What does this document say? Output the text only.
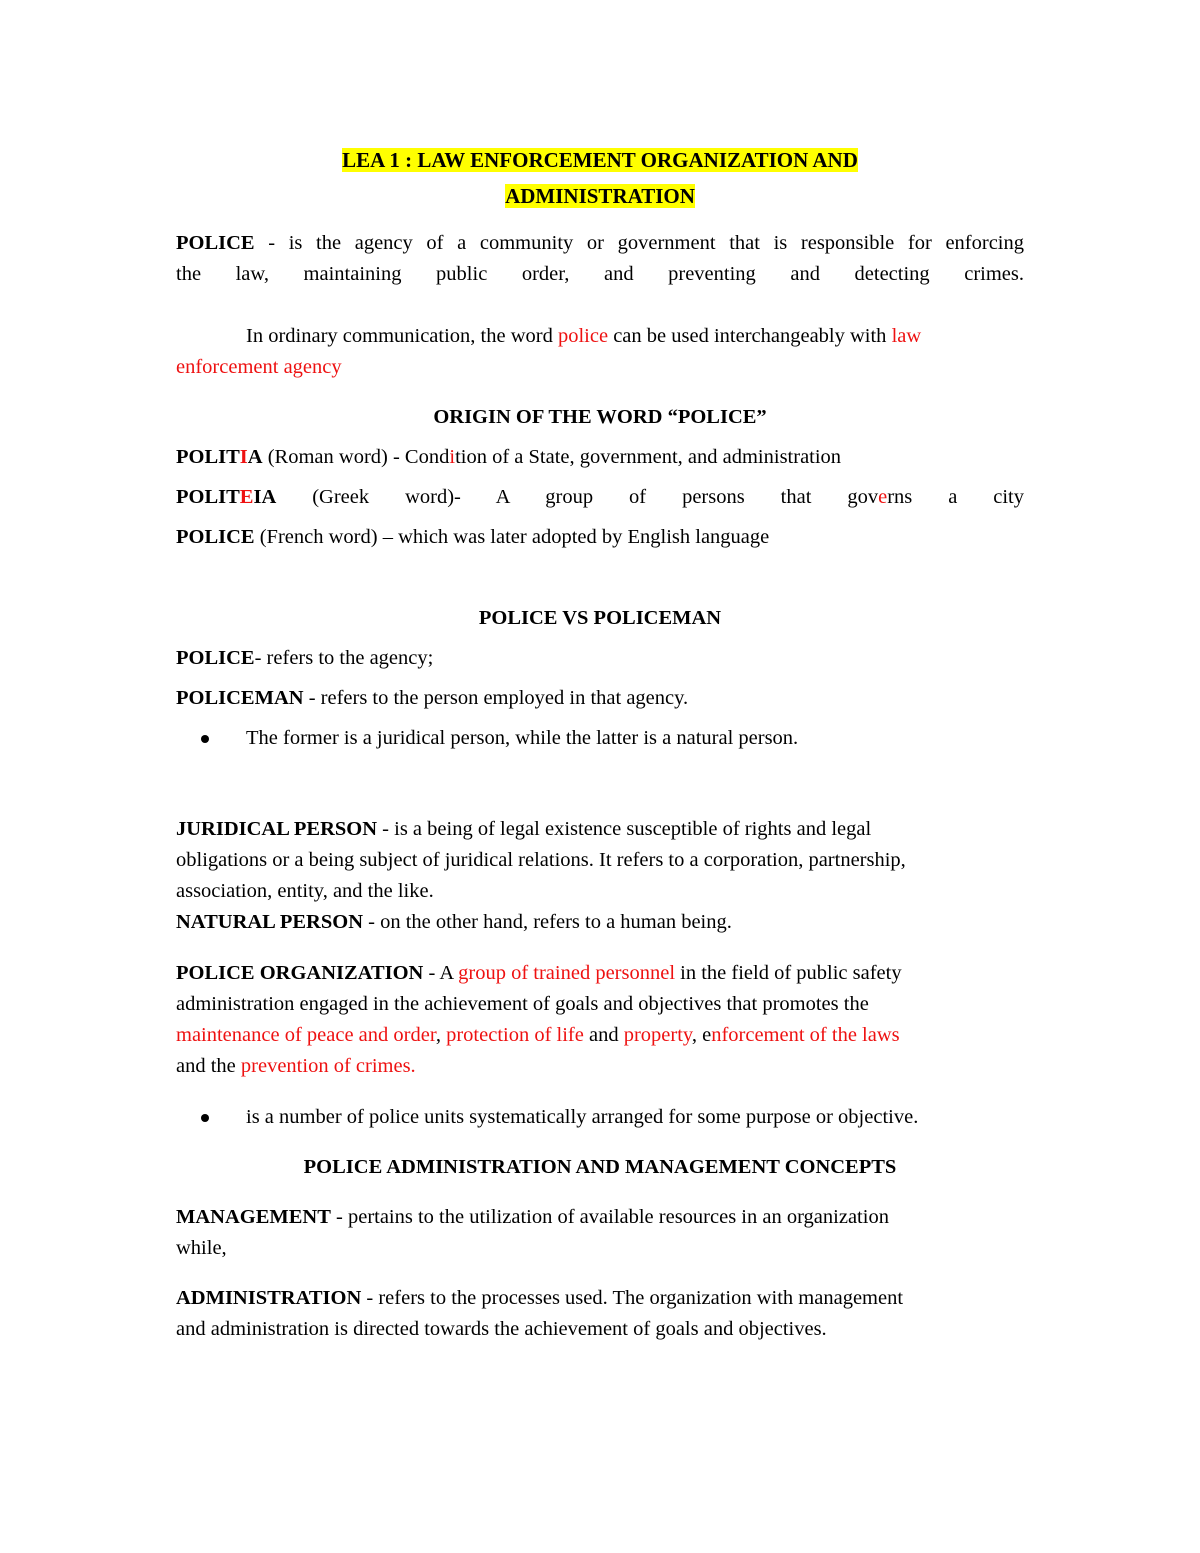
LEA 1 : LAW ENFORCEMENT ORGANIZATION AND
ADMINISTRATION

POLICE - is the agency of a community or government that is responsible for enforcing
the law, maintaining public order, and preventing and detecting crimes.

In ordinary communication, the word police can be used interchangeably with law
enforcement agency

ORIGIN OF THE WORD “POLICE”

POLITIA (Roman word) - Condition of a State, government, and administration

POLITEIA (Greek word)- A group of persons that governs a city

POLICE (French word) – which was later adopted by English language

POLICE VS POLICEMAN

POLICE- refers to the agency;

POLICEMAN - refers to the person employed in that agency.

The former is a juridical person, while the latter is a natural person.

JURIDICAL PERSON - is a being of legal existence susceptible of rights and legal
obligations or a being subject of juridical relations. It refers to a corporation, partnership,
association, entity, and the like.

NATURAL PERSON - on the other hand, refers to a human being.

POLICE ORGANIZATION - A group of trained personnel in the field of public safety
administration engaged in the achievement of goals and objectives that promotes the
maintenance of peace and order, protection of life and property, enforcement of the laws
and the prevention of crimes.

is a number of police units systematically arranged for some purpose or objective.

POLICE ADMINISTRATION AND MANAGEMENT CONCEPTS

MANAGEMENT - pertains to the utilization of available resources in an organization
while,

ADMINISTRATION - refers to the processes used. The organization with management
and administration is directed towards the achievement of goals and objectives.
